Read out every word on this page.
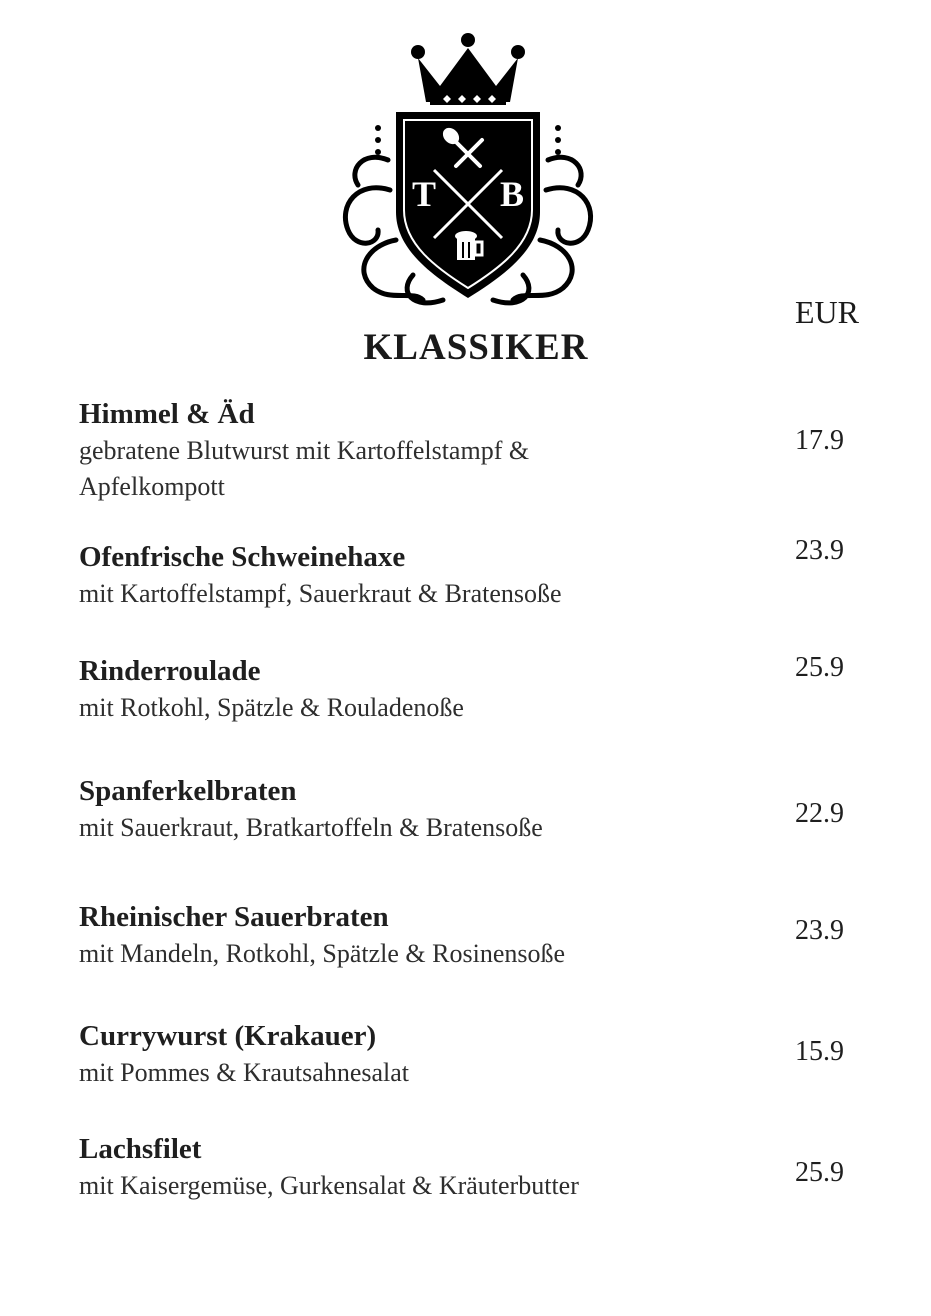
T B
EUR
KLASSIKER
Himmel & Äd
gebratene Blutwurst mit Kartoffelstampf & Apfelkompott
17.9
Ofenfrische Schweinehaxe
mit Kartoffelstampf, Sauerkraut & Bratensoße
23.9
Rinderroulade
mit Rotkohl, Spätzle & Rouladenoße
25.9
Spanferkelbraten
mit Sauerkraut, Bratkartoffeln & Bratensoße	22.9
Rheinischer Sauerbraten
mit Mandeln, Rotkohl, Spätzle & Rosinensoße
23.9
Currywurst (Krakauer)
mit Pommes & Krautsahnesalat
15.9
Lachsfilet
mit Kaisergemüse, Gurkensalat & Kräuterbutter	25.9
